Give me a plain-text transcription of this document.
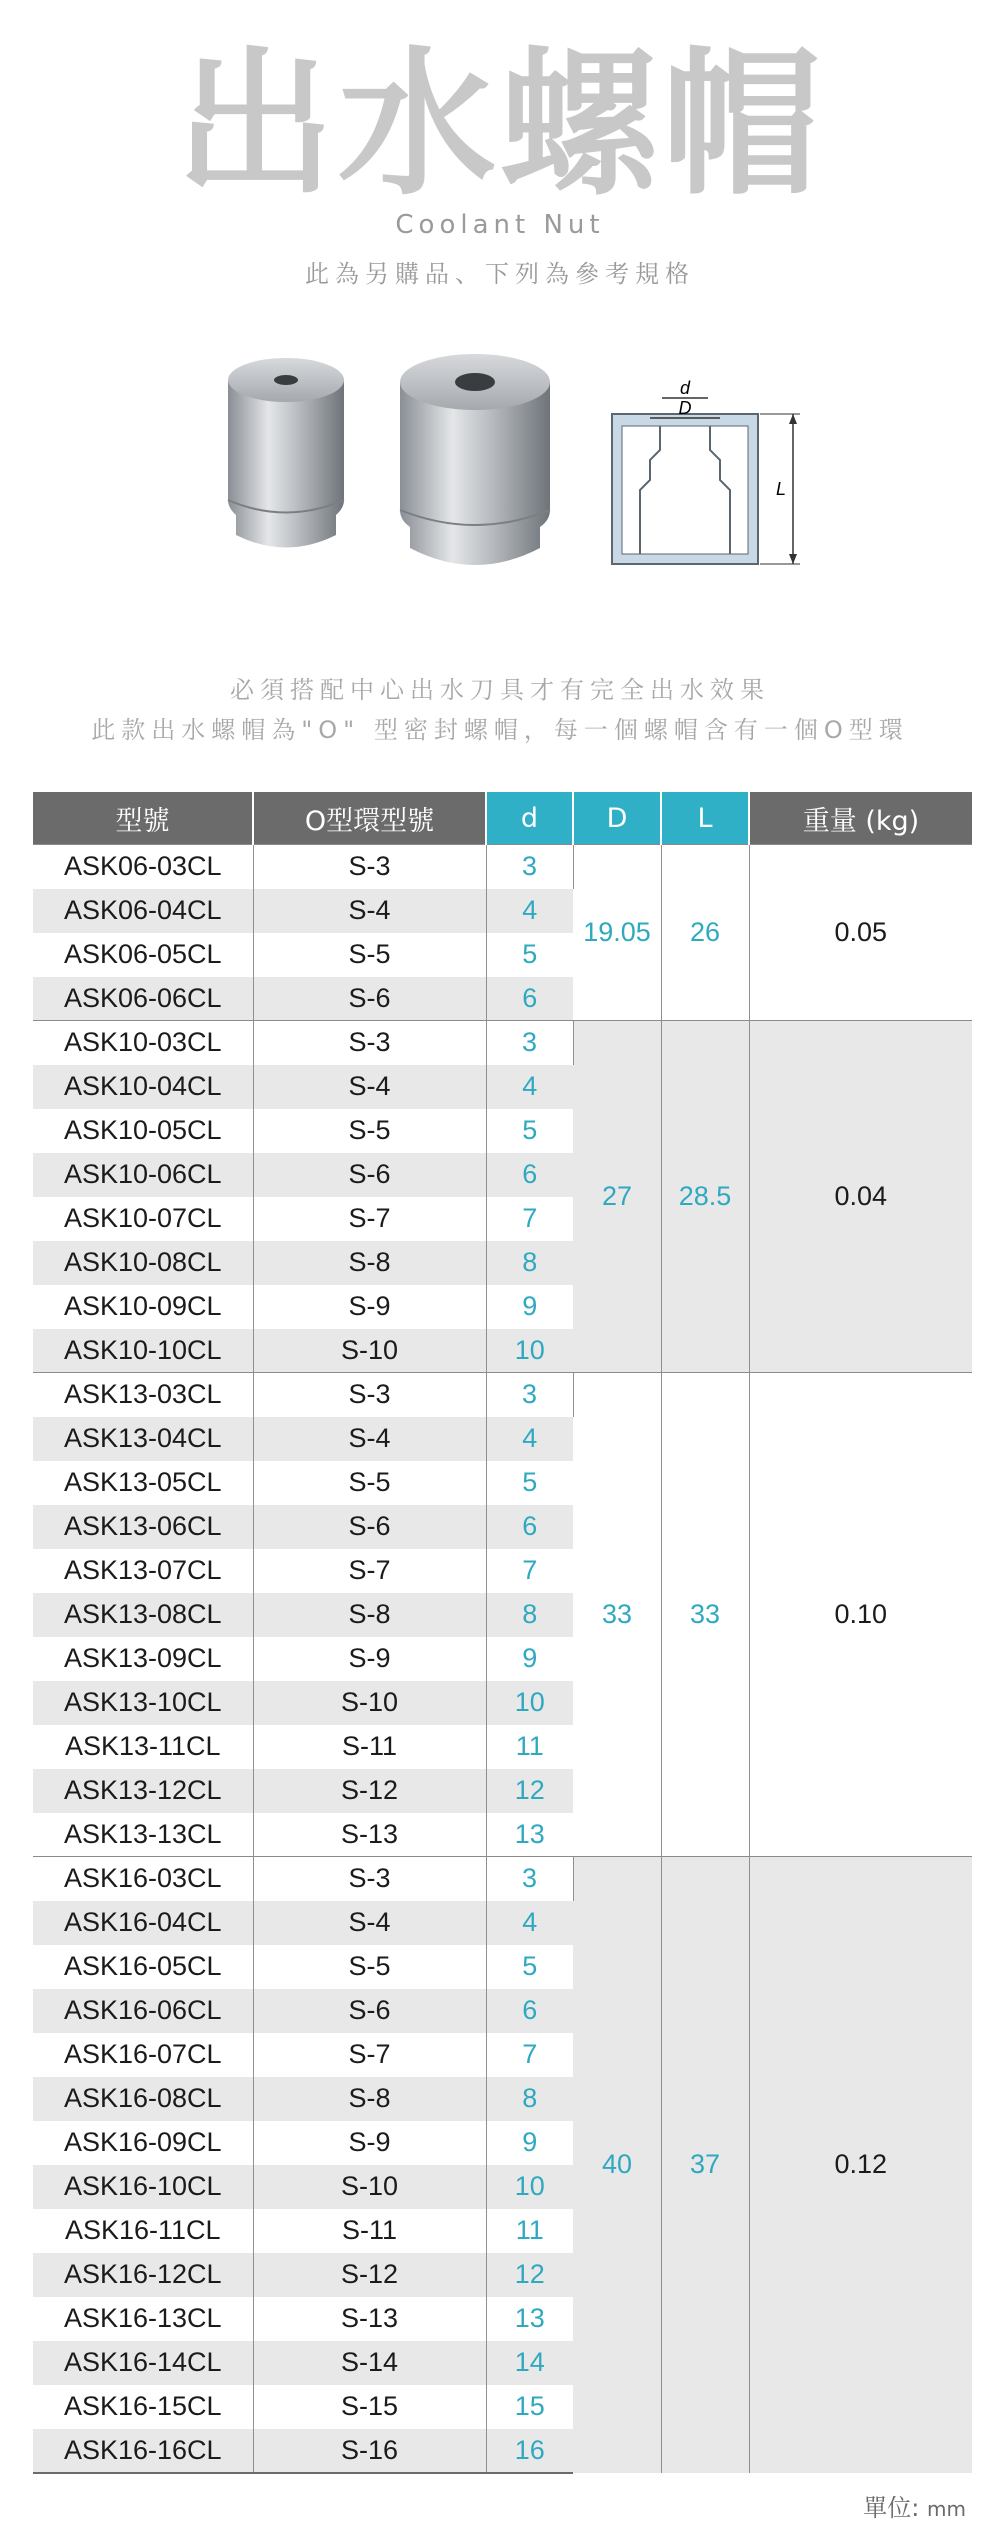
出水螺帽
Coolant Nut
此為另購品、下列為參考規格
d
D
L
必須搭配中心出水刀具才有完全出水效果
此款出水螺帽為"O" 型密封螺帽，每一個螺帽含有一個O型環
型號	O型環型號	d	D	L	重量 (kg)
ASK06-03CL	S-3	3	19.05	26	0.05
ASK06-04CL	S-4	4			
ASK06-05CL	S-5	5			
ASK06-06CL	S-6	6			
ASK10-03CL	S-3	3	27	28.5	0.04
ASK10-04CL	S-4	4			
ASK10-05CL	S-5	5			
ASK10-06CL	S-6	6			
ASK10-07CL	S-7	7			
ASK10-08CL	S-8	8			
ASK10-09CL	S-9	9			
ASK10-10CL	S-10	10			
ASK13-03CL	S-3	3	33	33	0.10
ASK13-04CL	S-4	4			
ASK13-05CL	S-5	5			
ASK13-06CL	S-6	6			
ASK13-07CL	S-7	7			
ASK13-08CL	S-8	8			
ASK13-09CL	S-9	9			
ASK13-10CL	S-10	10			
ASK13-11CL	S-11	11			
ASK13-12CL	S-12	12			
ASK13-13CL	S-13	13			
ASK16-03CL	S-3	3	40	37	0.12
ASK16-04CL	S-4	4			
ASK16-05CL	S-5	5			
ASK16-06CL	S-6	6			
ASK16-07CL	S-7	7			
ASK16-08CL	S-8	8			
ASK16-09CL	S-9	9			
ASK16-10CL	S-10	10			
ASK16-11CL	S-11	11			
ASK16-12CL	S-12	12			
ASK16-13CL	S-13	13			
ASK16-14CL	S-14	14			
ASK16-15CL	S-15	15			
ASK16-16CL	S-16	16			
單位: mm
